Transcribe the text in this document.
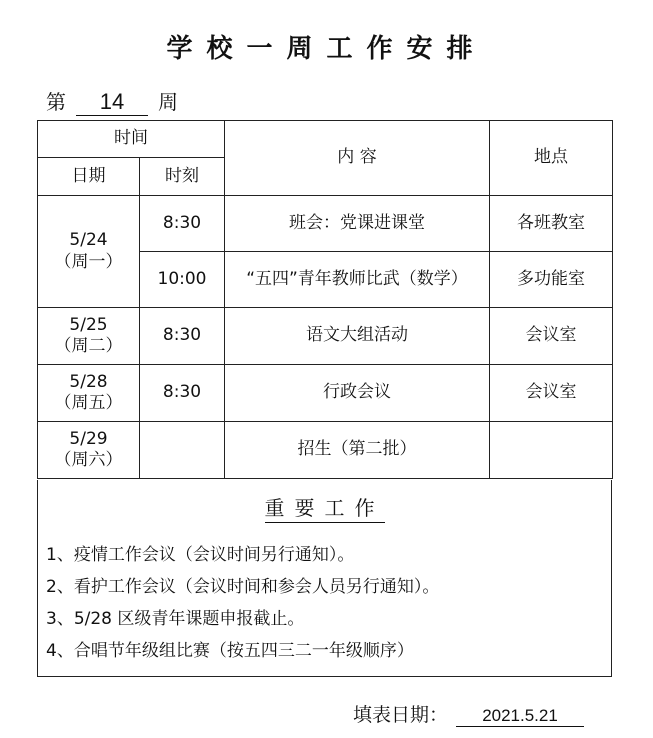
学校一周工作安排
第 14 周
时间		内 容	地点
日期	时刻		

5/24
（周一）	8:30	班会：党课进课堂	各班教室
	10:00	“五四”青年教师比武（数学）	多功能室

5/25
（周二）	8:30	语文大组活动	会议室

5/28
（周五）	8:30	行政会议	会议室

5/29
（周六）		招生（第二批）	
重要工作
1、疫情工作会议（会议时间另行通知）。
2、看护工作会议（会议时间和参会人员另行通知）。
3、5/28 区级青年课题申报截止。
4、合唱节年级组比赛（按五四三二一年级顺序）
填表日期： 2021.5.21
